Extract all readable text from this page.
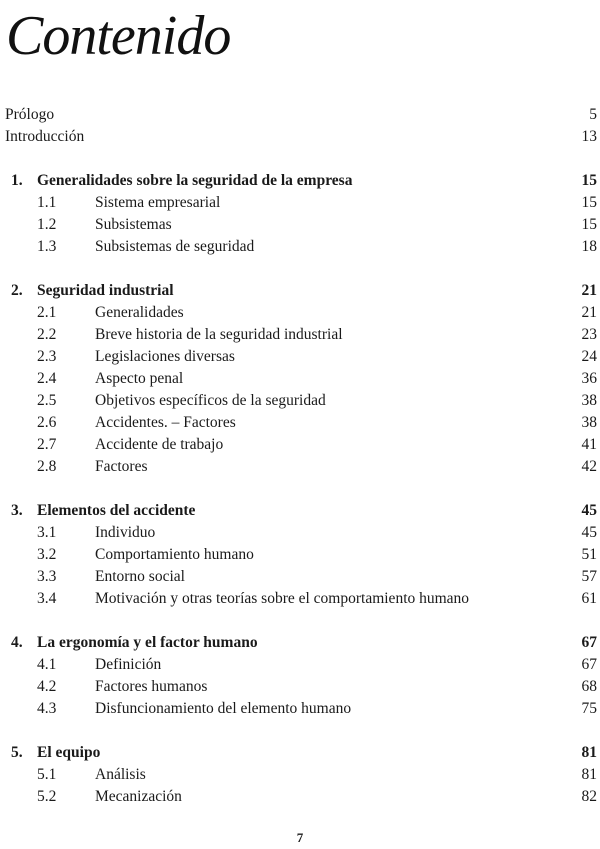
Contenido
Prólogo	5
Introducción	13
1. Generalidades sobre la seguridad de la empresa	15
1.1 Sistema empresarial	15
1.2 Subsistemas	15
1.3 Subsistemas de seguridad	18
2. Seguridad industrial	21
2.1 Generalidades	21
2.2 Breve historia de la seguridad industrial	23
2.3 Legislaciones diversas	24
2.4 Aspecto penal	36
2.5 Objetivos específicos de la seguridad	38
2.6 Accidentes. – Factores	38
2.7 Accidente de trabajo	41
2.8 Factores	42
3. Elementos del accidente	45
3.1 Individuo	45
3.2 Comportamiento humano	51
3.3 Entorno social	57
3.4 Motivación y otras teorías sobre el comportamiento humano	61
4. La ergonomía y el factor humano	67
4.1 Definición	67
4.2 Factores humanos	68
4.3 Disfuncionamiento del elemento humano	75
5. El equipo	81
5.1 Análisis	81
5.2 Mecanización	82
7
